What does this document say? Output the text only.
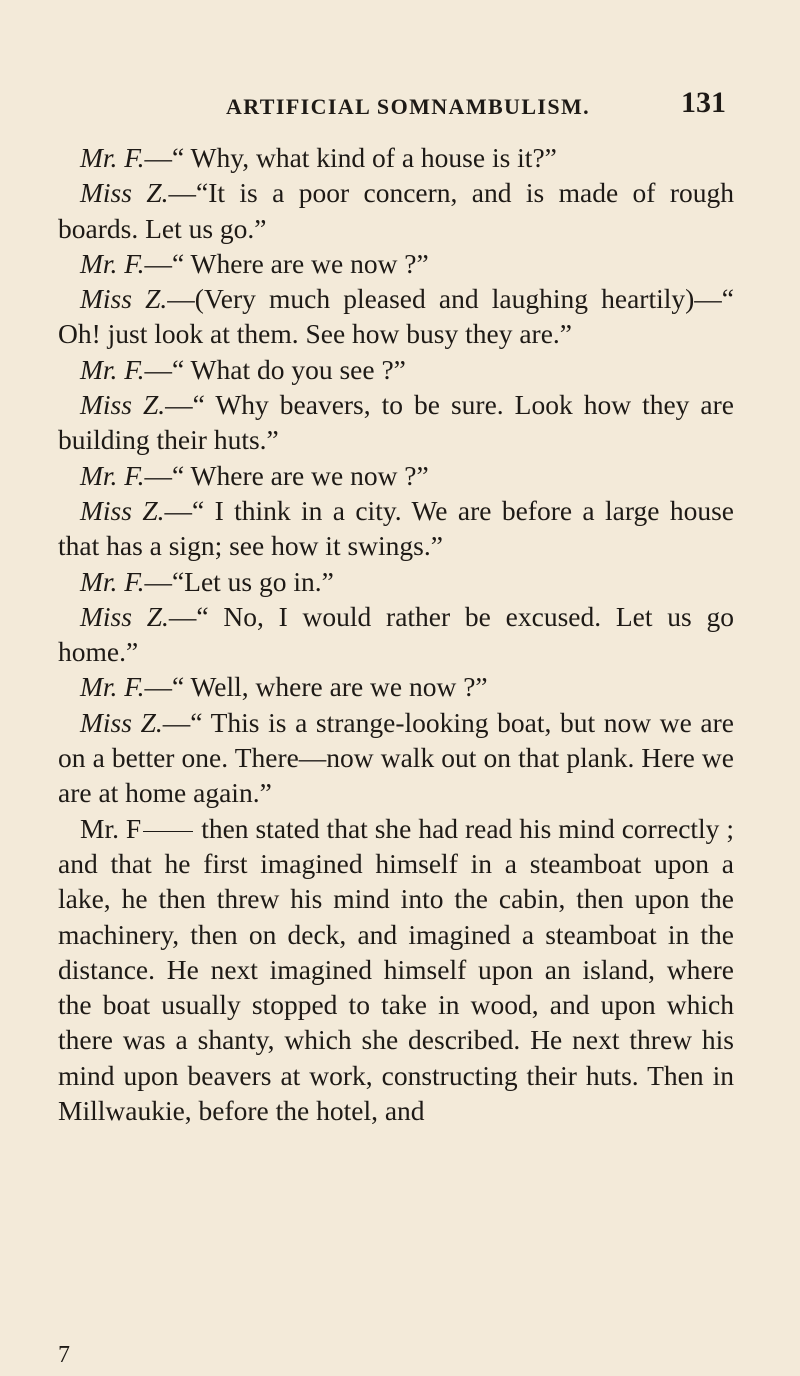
ARTIFICIAL SOMNAMBULISM.	131

Mr. F.—“ Why, what kind of a house is it?”

Miss Z.—“It is a poor concern, and is made of rough boards. Let us go.”

Mr. F.—“ Where are we now ?”

Miss Z.—(Very much pleased and laughing heartily)—“ Oh! just look at them. See how busy they are.”

Mr. F.—“ What do you see ?”

Miss Z.—“ Why beavers, to be sure. Look how they are building their huts.”

Mr. F.—“ Where are we now ?”

Miss Z.—“ I think in a city. We are before a large house that has a sign; see how it swings.”

Mr. F.—“Let us go in.”

Miss Z.—“ No, I would rather be excused. Let us go home.”

Mr. F.—“ Well, where are we now ?”

Miss Z.—“ This is a strange-looking boat, but now we are on a better one. There—now walk out on that plank. Here we are at home again.”

Mr. F then stated that she had read his mind correctly ; and that he first imagined himself in a steamboat upon a lake, he then threw his mind into the cabin, then upon the machinery, then on deck, and imagined a steamboat in the distance. He next imagined himself upon an island, where the boat usually stopped to take in wood, and upon which there was a shanty, which she described. He next threw his mind upon beavers at work, constructing their huts. Then in Millwaukie, before the hotel, and

7
